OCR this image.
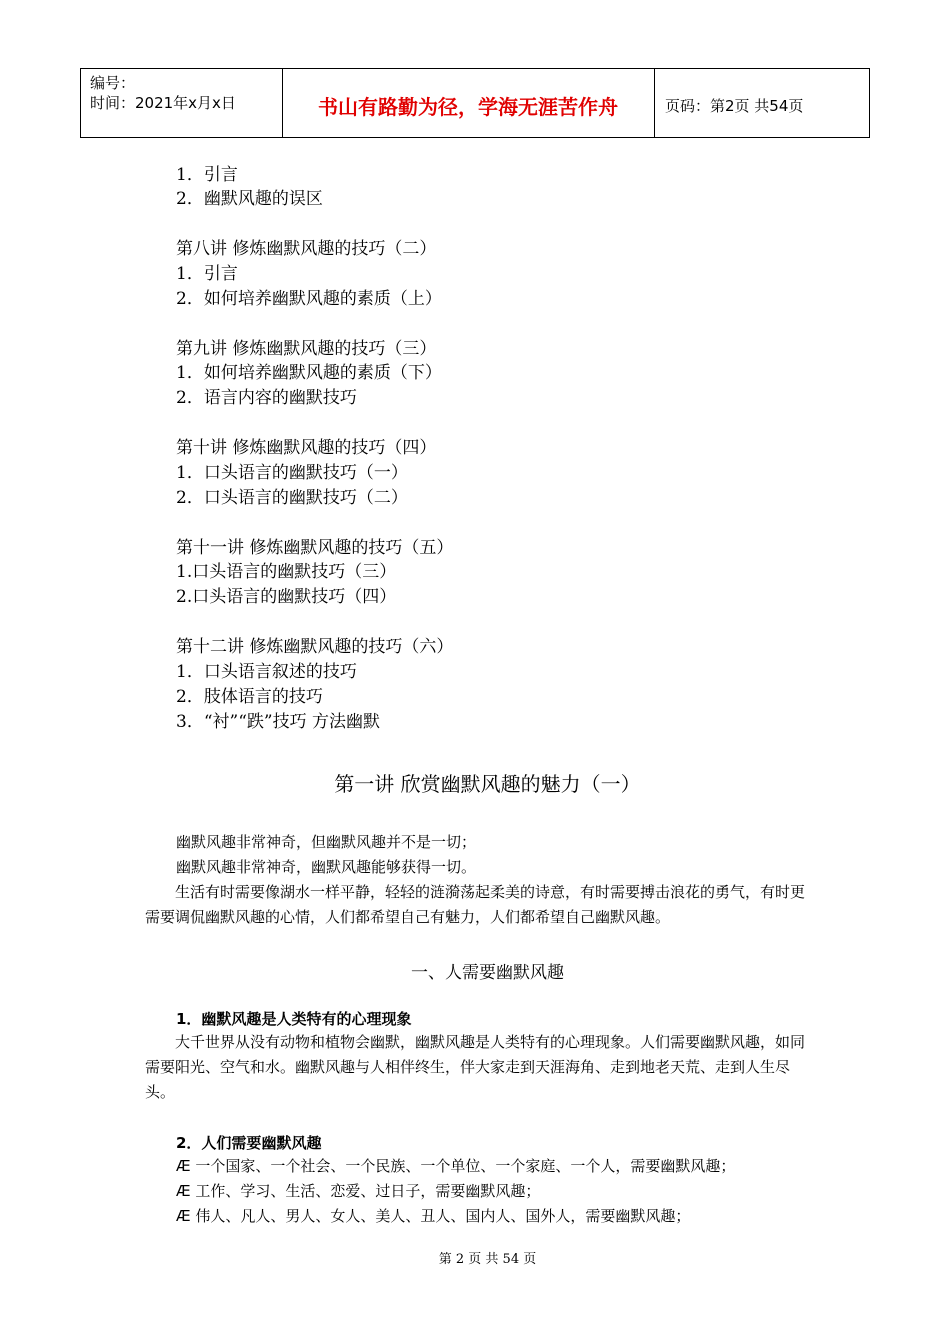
编号：
时间：2021年x月x日	书山有路勤为径，学海无涯苦作舟	页码：第2页 共54页
1．引言
2．幽默风趣的误区
第八讲 修炼幽默风趣的技巧（二）
1．引言
2．如何培养幽默风趣的素质（上）
第九讲 修炼幽默风趣的技巧（三）
1．如何培养幽默风趣的素质（下）
2．语言内容的幽默技巧
第十讲 修炼幽默风趣的技巧（四）
1．口头语言的幽默技巧（一）
2．口头语言的幽默技巧（二）
第十一讲 修炼幽默风趣的技巧（五）
1.口头语言的幽默技巧（三）
2.口头语言的幽默技巧（四）
第十二讲 修炼幽默风趣的技巧（六）
1．口头语言叙述的技巧
2．肢体语言的技巧
3．“衬”“跌”技巧 方法幽默
第一讲 欣赏幽默风趣的魅力（一）
幽默风趣非常神奇，但幽默风趣并不是一切；
幽默风趣非常神奇，幽默风趣能够获得一切。
生活有时需要像湖水一样平静，轻轻的涟漪荡起柔美的诗意，有时需要搏击浪花的勇气，有时更需要调侃幽默风趣的心情，人们都希望自己有魅力，人们都希望自己幽默风趣。
一、人需要幽默风趣
1．幽默风趣是人类特有的心理现象
大千世界从没有动物和植物会幽默，幽默风趣是人类特有的心理现象。人们需要幽默风趣，如同需要阳光、空气和水。幽默风趣与人相伴终生，伴大家走到天涯海角、走到地老天荒、走到人生尽头。
2．人们需要幽默风趣
Æ 一个国家、一个社会、一个民族、一个单位、一个家庭、一个人，需要幽默风趣；
Æ 工作、学习、生活、恋爱、过日子，需要幽默风趣；
Æ 伟人、凡人、男人、女人、美人、丑人、国内人、国外人，需要幽默风趣；
第 2 页 共 54 页
